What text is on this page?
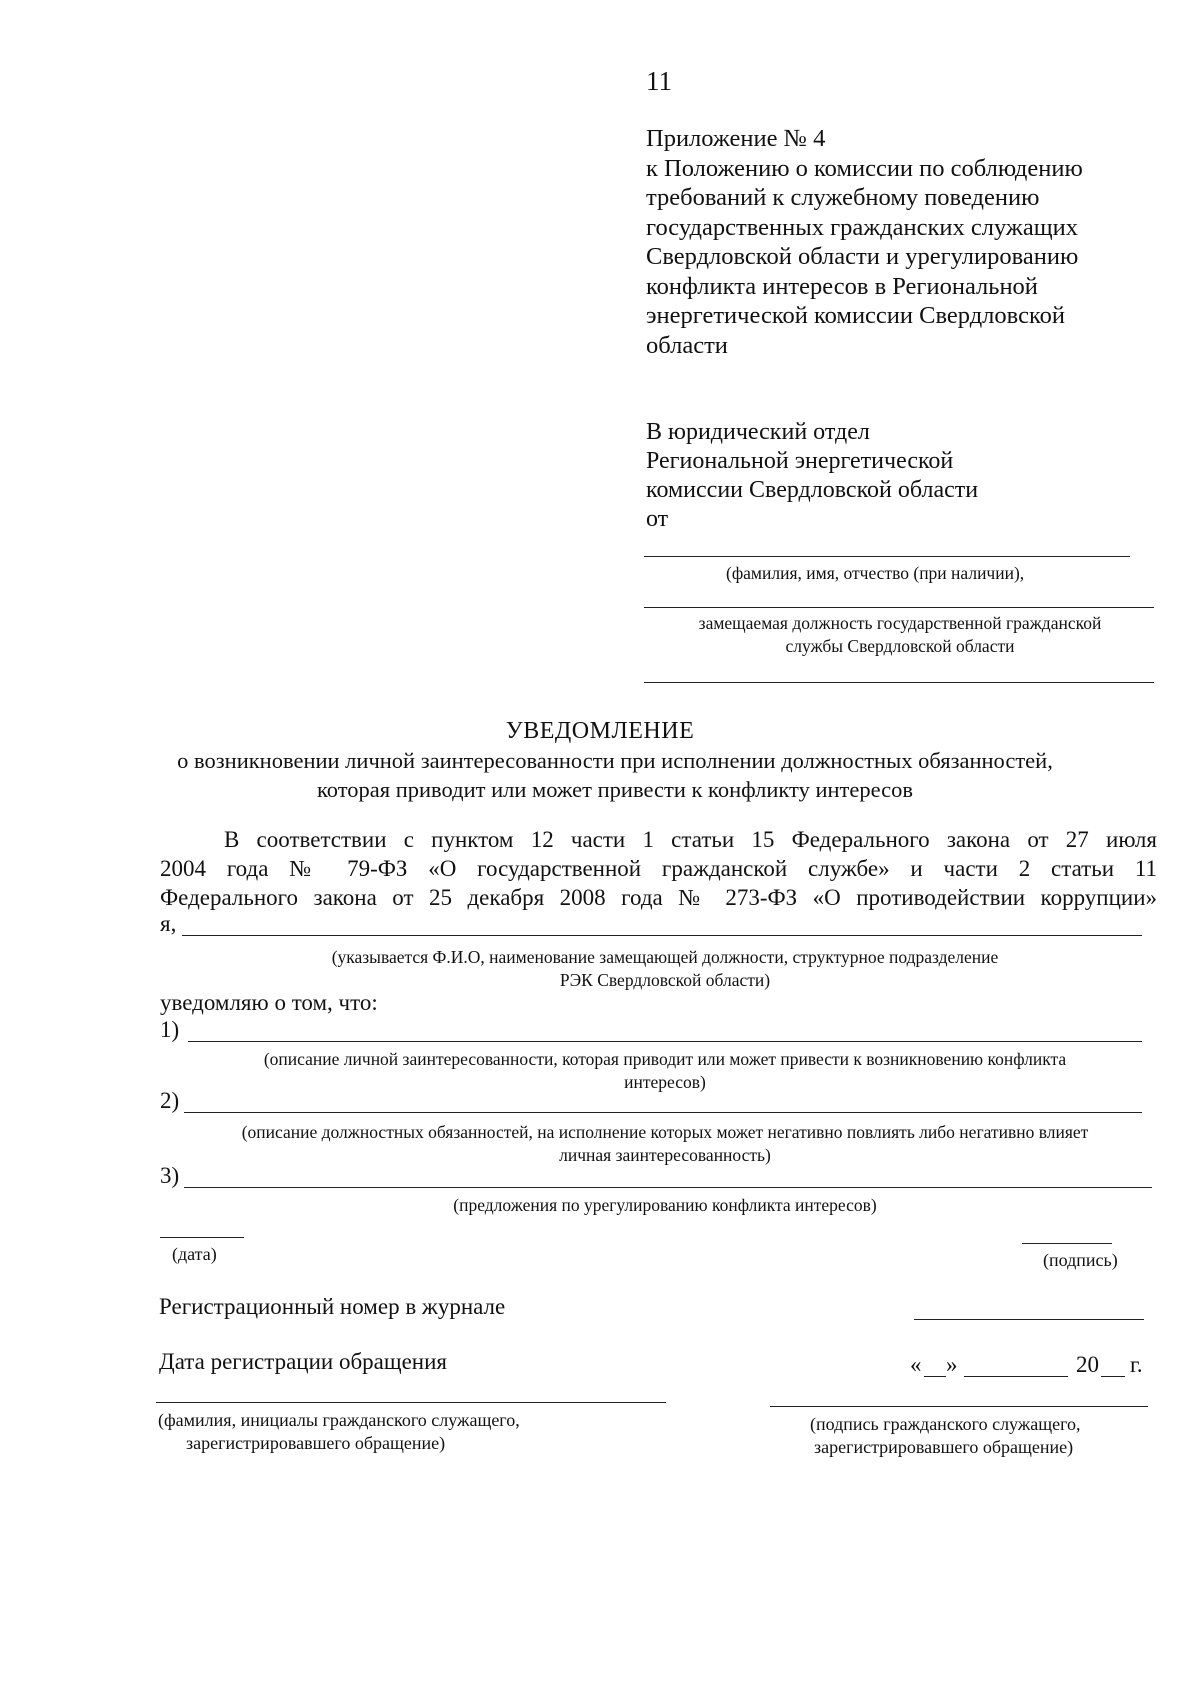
11
Приложение № 4
к Положению о комиссии по соблюдению
требований к служебному поведению
государственных гражданских служащих
Свердловской области и урегулированию
конфликта интересов в Региональной
энергетической комиссии Свердловской
области
В юридический отдел
Региональной энергетической
комиссии Свердловской области
от
(фамилия, имя, отчество (при наличии),
замещаемая должность государственной гражданской
службы Свердловской области
УВЕДОМЛЕНИЕ
о возникновении личной заинтересованности при исполнении должностных обязанностей,
которая приводит или может привести к конфликту интересов
В соответствии с пунктом 12 части 1 статьи 15 Федерального закона от 27 июля
2004 года № 79-ФЗ «О государственной гражданской службе» и части 2 статьи 11
Федерального закона от 25 декабря 2008 года № 273-ФЗ «О противодействии коррупции»
я,
(указывается Ф.И.О, наименование замещающей должности, структурное подразделение
РЭК Свердловской области)
уведомляю о том, что:
1)
(описание личной заинтересованности, которая приводит или может привести к возникновению конфликта
интересов)
2)
(описание должностных обязанностей, на исполнение которых может негативно повлиять либо негативно влияет
личная заинтересованность)
3)
(предложения по урегулированию конфликта интересов)
(дата)	(подпись)
Регистрационный номер в журнале
Дата регистрации обращения	« »	20 г.
(фамилия, инициалы гражданского служащего,
зарегистрировавшего обращение)
(подпись гражданского служащего,
зарегистрировавшего обращение)
